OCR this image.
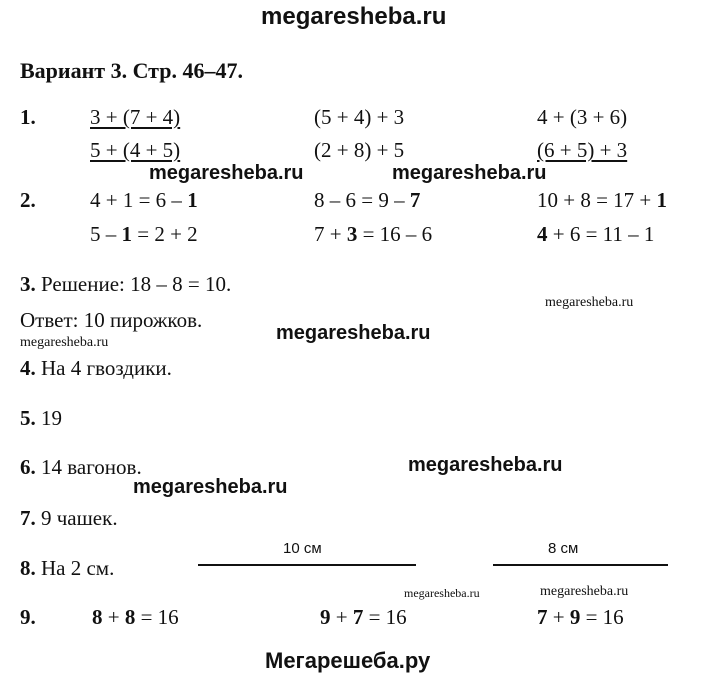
megaresheba.ru
Вариант 3. Стр. 46–47.
1.	3 + (7 + 4)	(5 + 4) + 3	4 + (3 + 6)
5 + (4 + 5)	(2 + 8) + 5	(6 + 5) + 3
megaresheba.ru	megaresheba.ru
2.	4 + 1 = 6 – 1	8 – 6 = 9 – 7	10 + 8 = 17 + 1
5 – 1 = 2 + 2	7 + 3 = 16 – 6	4 + 6 = 11 – 1
3. Решение: 18 – 8 = 10.
megaresheba.ru
Ответ: 10 пирожков.
megaresheba.ru
megaresheba.ru
4. На 4 гвоздики.
5. 19
6. 14 вагонов.	megaresheba.ru
megaresheba.ru
7. 9 чашек.
8. На 2 см.
10 см	8 см
megaresheba.ru	megaresheba.ru
9.	8 + 8 = 16	9 + 7 = 16	7 + 9 = 16
Мегарешеба.ру
